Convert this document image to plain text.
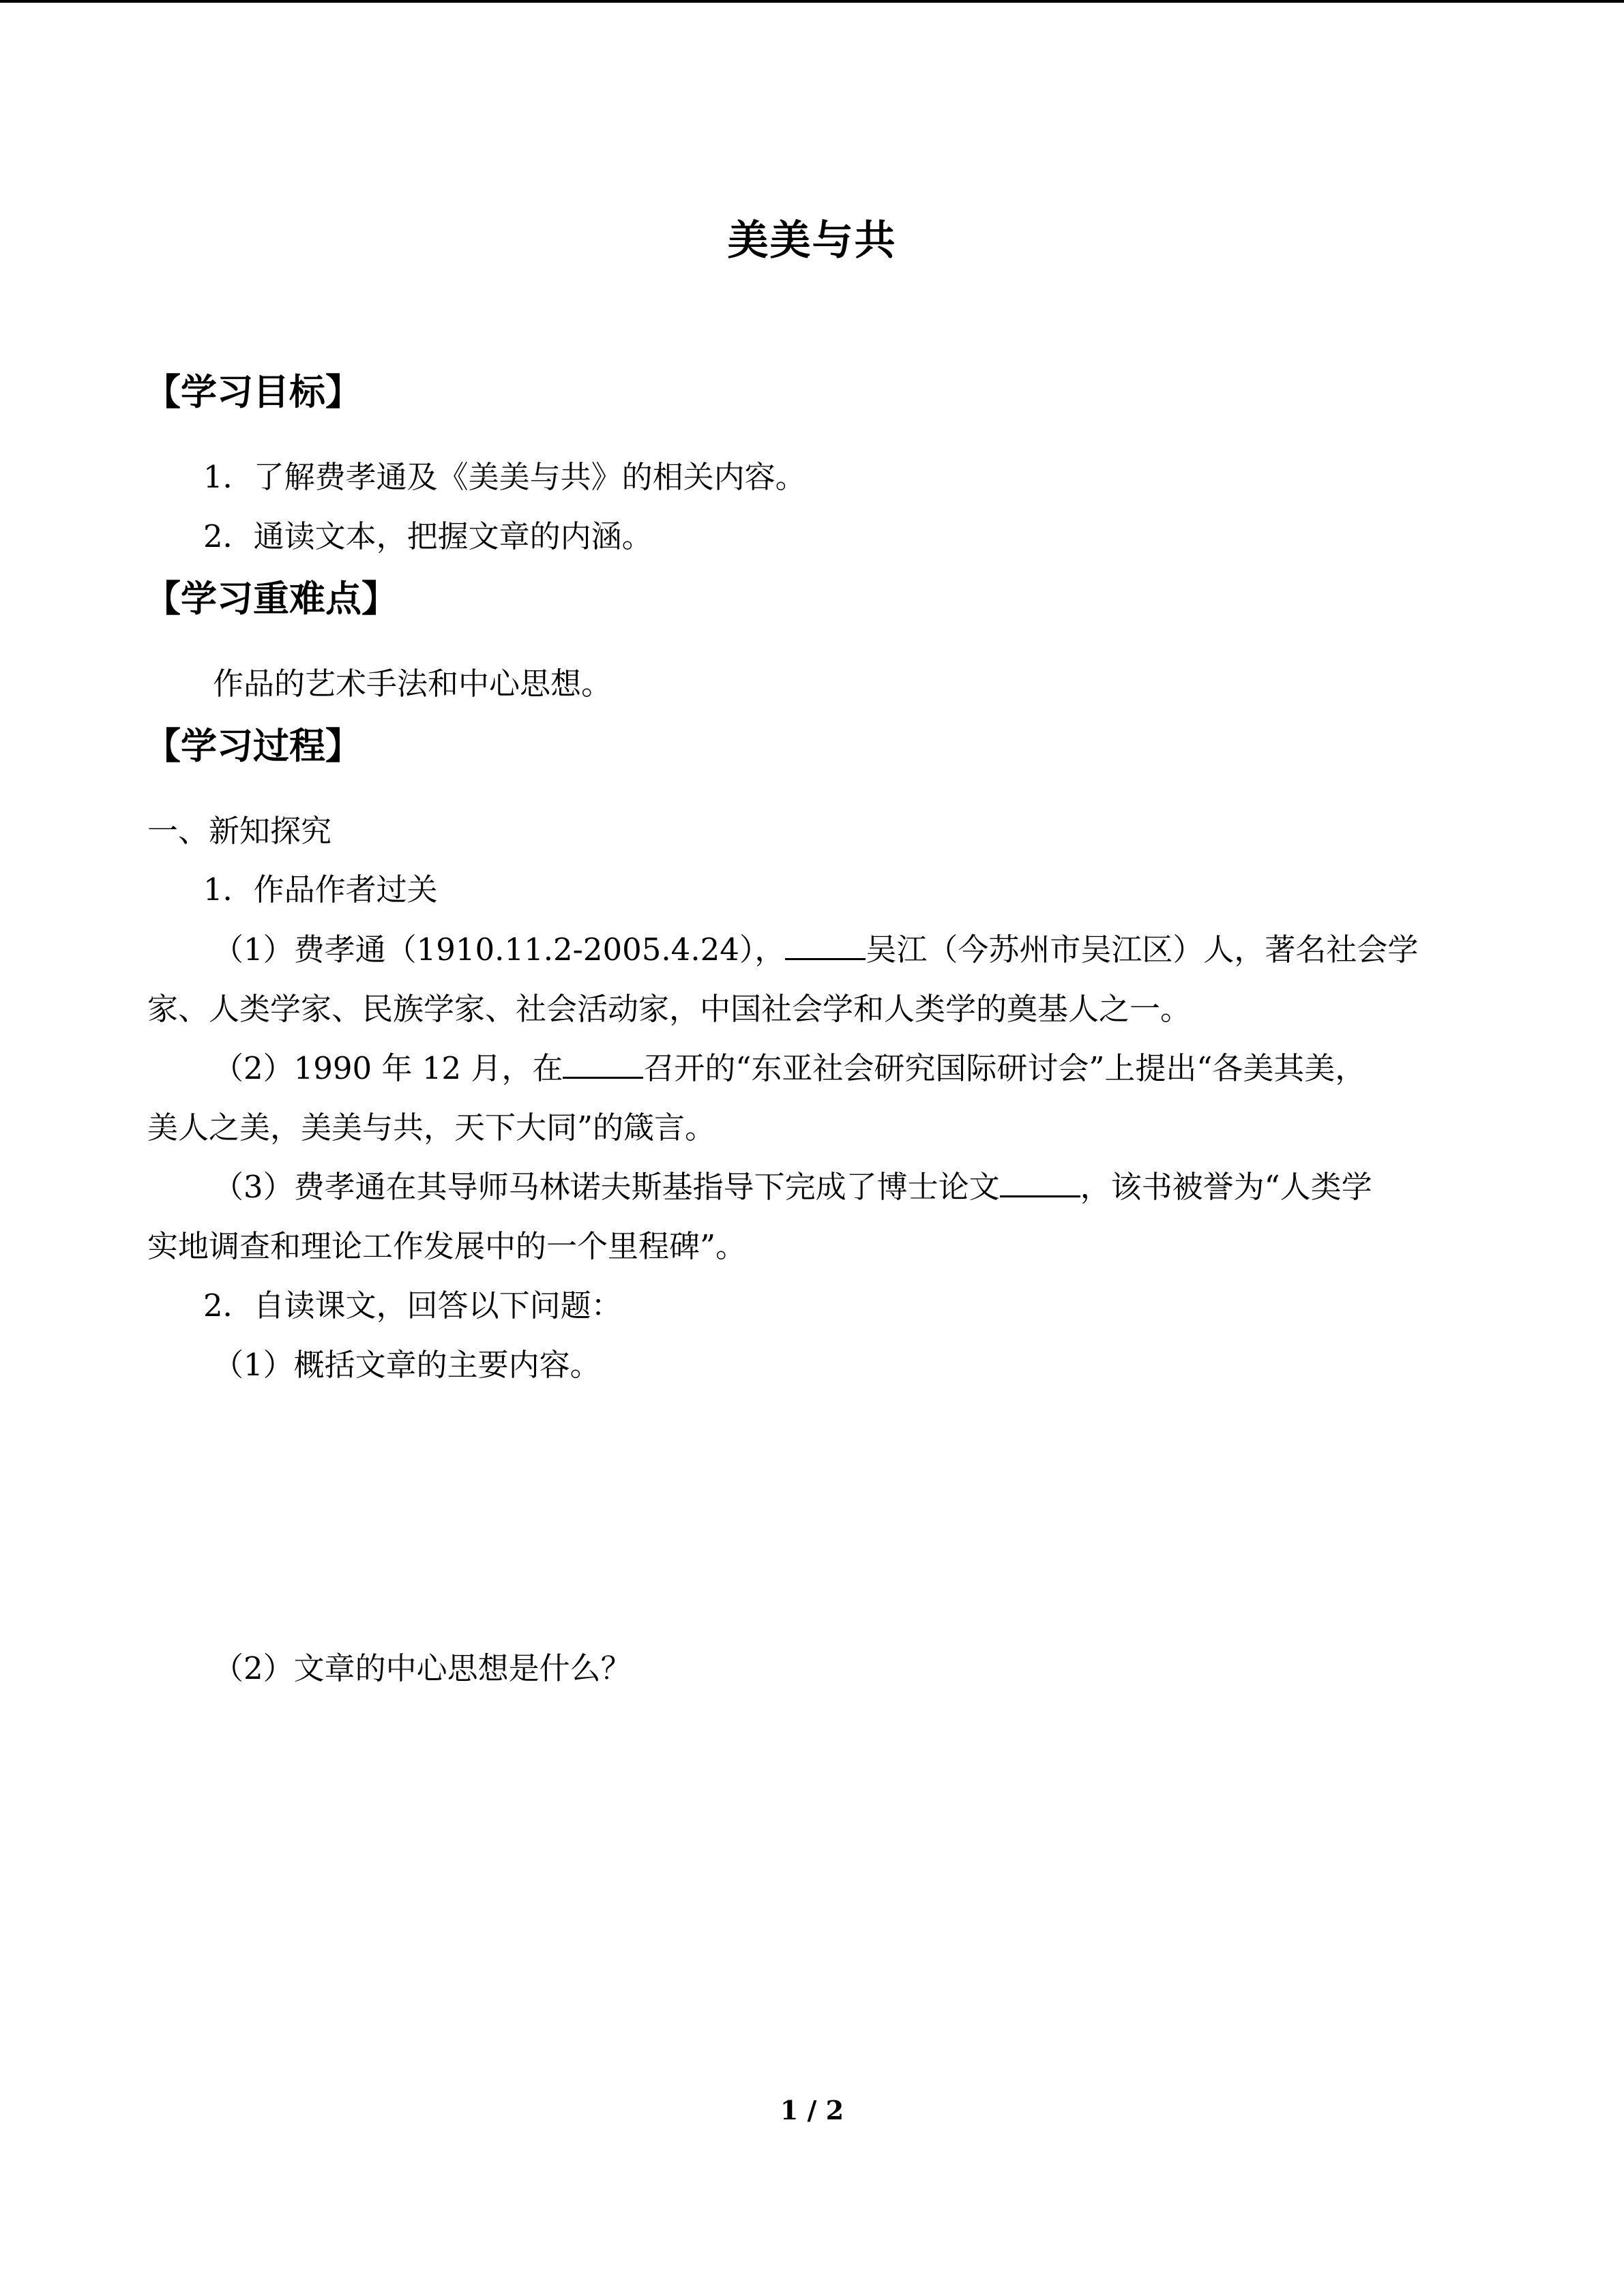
美美与共
【学习目标】
1．了解费孝通及《美美与共》的相关内容。
2．通读文本，把握文章的内涵。
【学习重难点】
作品的艺术手法和中心思想。
【学习过程】
一、新知探究
1．作品作者过关
（1）费孝通（1910.11.2-2005.4.24），	吴江（今苏州市吴江区）人，著名社会学
家、人类学家、民族学家、社会活动家，中国社会学和人类学的奠基人之一。
（2）1990 年 12 月，在	召开的“东亚社会研究国际研讨会”上提出“各美其美，
美人之美，美美与共，天下大同”的箴言。
（3）费孝通在其导师马林诺夫斯基指导下完成了博士论文	，该书被誉为“人类学
实地调查和理论工作发展中的一个里程碑”。
2．自读课文，回答以下问题：
（1）概括文章的主要内容。
（2）文章的中心思想是什么？
1 / 2
